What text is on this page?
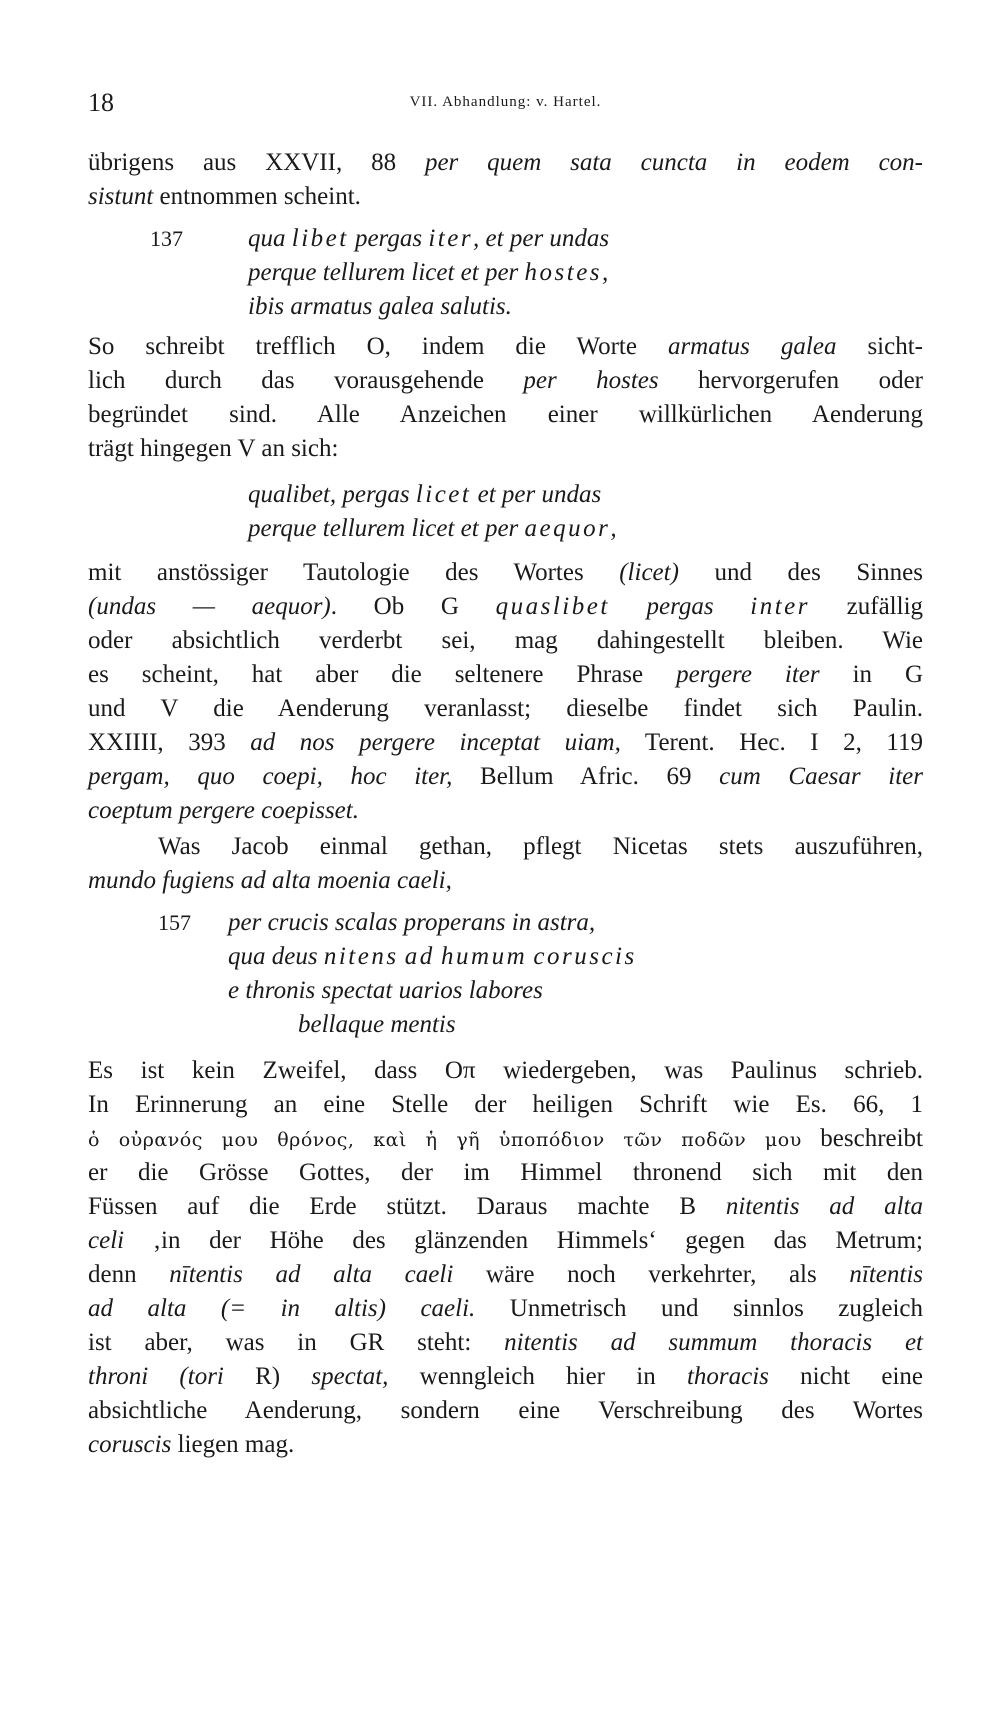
18	VII. Abhandlung: v. Hartel.
übrigens aus XXVII, 88 per quem sata cuncta in eodem con-
sistunt entnommen scheint.
137	qua libet pergas iter, et per undas
perque tellurem licet et per hostes,
ibis armatus galea salutis.
So schreibt trefflich O, indem die Worte armatus galea sicht-
lich durch das vorausgehende per hostes hervorgerufen oder
begründet sind. Alle Anzeichen einer willkürlichen Aenderung
trägt hingegen V an sich:
qualibet, pergas licet et per undas
perque tellurem licet et per aequor,
mit anstössiger Tautologie des Wortes (licet) und des Sinnes
(undas — aequor). Ob G quaslibet pergas inter zufällig
oder absichtlich verderbt sei, mag dahingestellt bleiben. Wie
es scheint, hat aber die seltenere Phrase pergere iter in G
und V die Aenderung veranlasst; dieselbe findet sich Paulin.
XXIIII, 393 ad nos pergere inceptat uiam, Terent. Hec. I 2, 119
pergam, quo coepi, hoc iter, Bellum Afric. 69 cum Caesar iter
coeptum pergere coepisset.
Was Jacob einmal gethan, pflegt Nicetas stets auszuführen,
mundo fugiens ad alta moenia caeli,
157 per crucis scalas properans in astra,
qua deus nitens ad humum coruscis
e thronis spectat uarios labores
bellaque mentis
Es ist kein Zweifel, dass Oπ wiedergeben, was Paulinus schrieb.
In Erinnerung an eine Stelle der heiligen Schrift wie Es. 66, 1
ὁ οὐρανός μου θρόνος, καὶ ἡ γῆ ὑποπόδιον τῶν ποδῶν μου beschreibt
er die Grösse Gottes, der im Himmel thronend sich mit den
Füssen auf die Erde stützt. Daraus machte B nitentis ad alta
celi ‚in der Höhe des glänzenden Himmels‘ gegen das Metrum;
denn nītentis ad alta caeli wäre noch verkehrter, als nītentis
ad alta (= in altis) caeli. Unmetrisch und sinnlos zugleich
ist aber, was in GR steht: nitentis ad summum thoracis et
throni (tori R) spectat, wenngleich hier in thoracis nicht eine
absichtliche Aenderung, sondern eine Verschreibung des Wortes
coruscis liegen mag.
